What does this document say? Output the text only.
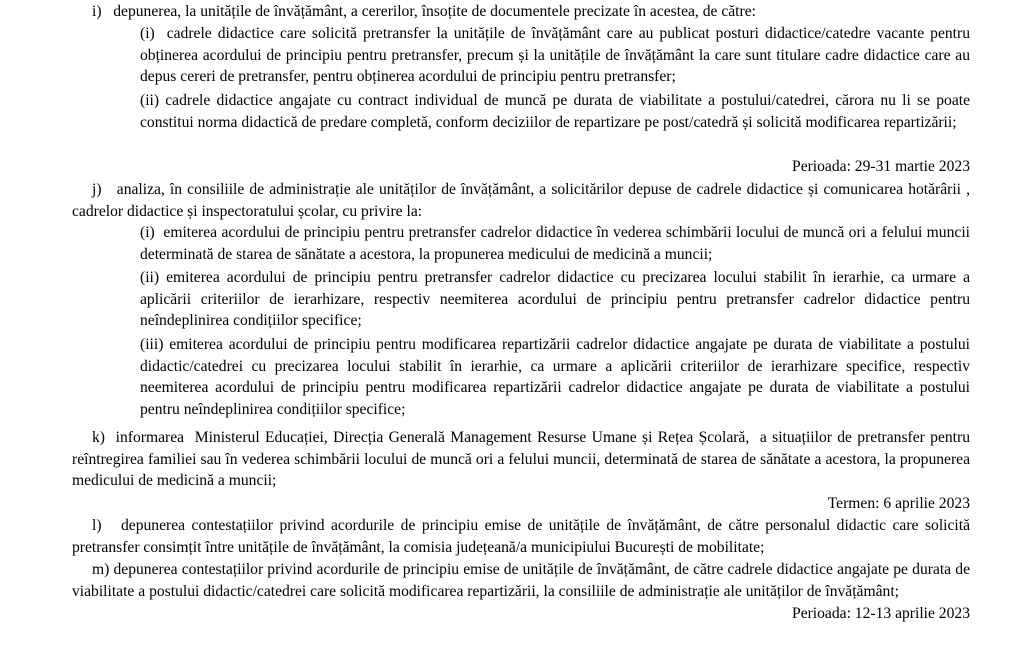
i)   depunerea, la unitățile de învățământ, a cererilor, însoțite de documentele precizate în acestea, de către:

(i)  cadrele didactice care solicită pretransfer la unitățile de învățământ care au publicat posturi didactice/catedre vacante pentru obținerea acordului de principiu pentru pretransfer, precum și la unitățile de învățământ la care sunt titulare cadre didactice care au depus cereri de pretransfer, pentru obținerea acordului de principiu pentru pretransfer;

(ii) cadrele didactice angajate cu contract individual de muncă pe durata de viabilitate a postului/catedrei, cărora nu li se poate constitui norma didactică de predare completă, conform deciziilor de repartizare pe post/catedră și solicită modificarea repartizării;

Perioada: 29-31 martie 2023

j)   analiza, în consiliile de administrație ale unităților de învățământ, a solicitărilor depuse de cadrele didactice și comunicarea hotărârii , cadrelor didactice și inspectoratului școlar, cu privire la:

(i)  emiterea acordului de principiu pentru pretransfer cadrelor didactice în vederea schimbării locului de muncă ori a felului muncii determinată de starea de sănătate a acestora, la propunerea medicului de medicină a muncii;

(ii) emiterea acordului de principiu pentru pretransfer cadrelor didactice cu precizarea locului stabilit în ierarhie, ca urmare a aplicării criteriilor de ierarhizare, respectiv neemiterea acordului de principiu pentru pretransfer cadrelor didactice pentru neîndeplinirea condițiilor specifice;

(iii) emiterea acordului de principiu pentru modificarea repartizării cadrelor didactice angajate pe durata de viabilitate a postului didactic/catedrei cu precizarea locului stabilit în ierarhie, ca urmare a aplicării criteriilor de ierarhizare specifice, respectiv neemiterea acordului de principiu pentru modificarea repartizării cadrelor didactice angajate pe durata de viabilitate a postului pentru neîndeplinirea condițiilor specifice;

k)  informarea  Ministerul Educației, Direcția Generală Management Resurse Umane și Rețea Școlară,  a situațiilor de pretransfer pentru reîntregirea familiei sau în vederea schimbării locului de muncă ori a felului muncii, determinată de starea de sănătate a acestora, la propunerea medicului de medicină a muncii;

Termen: 6 aprilie 2023

l)   depunerea contestațiilor privind acordurile de principiu emise de unitățile de învățământ, de către personalul didactic care solicită pretransfer consimțit între unitățile de învățământ, la comisia județeană/a municipiului București de mobilitate;

m) depunerea contestațiilor privind acordurile de principiu emise de unitățile de învățământ, de către cadrele didactice angajate pe durata de viabilitate a postului didactic/catedrei care solicită modificarea repartizării, la consiliile de administrație ale unităților de învățământ;

Perioada: 12-13 aprilie 2023
